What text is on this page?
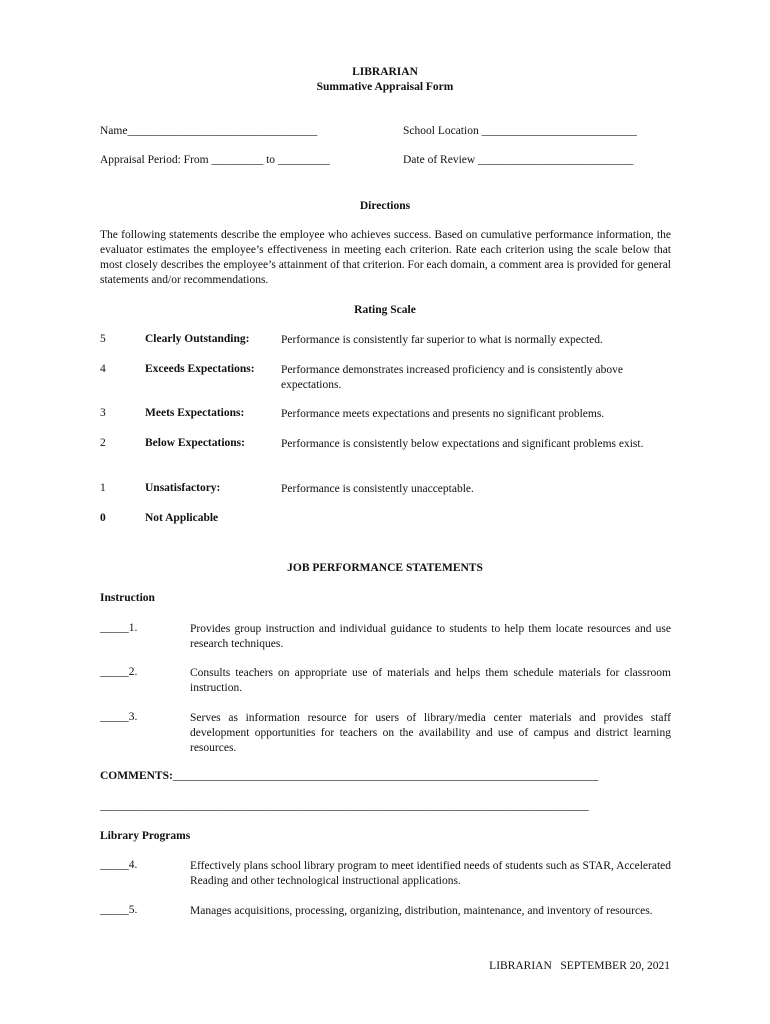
LIBRARIAN
Summative Appraisal Form
Name_________________________________	School Location ___________________________
Appraisal Period: From _________ to _________	Date of Review ___________________________
Directions
The following statements describe the employee who achieves success. Based on cumulative performance information, the evaluator estimates the employee’s effectiveness in meeting each criterion. Rate each criterion using the scale below that most closely describes the employee’s attainment of that criterion. For each domain, a comment area is provided for general statements and/or recommendations.
Rating Scale
5	Clearly Outstanding:	Performance is consistently far superior to what is normally expected.
4	Exceeds Expectations: Performance demonstrates increased proficiency and is consistently above expectations.
3	Meets Expectations:	Performance meets expectations and presents no significant problems.
2	Below Expectations:	Performance is consistently below expectations and significant problems exist.
1	Unsatisfactory:	Performance is consistently unacceptable.
0	Not Applicable
JOB PERFORMANCE STATEMENTS
Instruction
_____1.	Provides group instruction and individual guidance to students to help them locate resources and use research techniques.
_____2.	Consults teachers on appropriate use of materials and helps them schedule materials for classroom instruction.
_____3.	Serves as information resource for users of library/media center materials and provides staff development opportunities for teachers on the availability and use of campus and district learning resources.
COMMENTS:__________________________________________________________________________
_____________________________________________________________________________________
Library Programs
_____4.	Effectively plans school library program to meet identified needs of students such as STAR, Accelerated Reading and other technological instructional applications.
_____5.	Manages acquisitions, processing, organizing, distribution, maintenance, and inventory of resources.
LIBRARIAN   SEPTEMBER 20, 2021
